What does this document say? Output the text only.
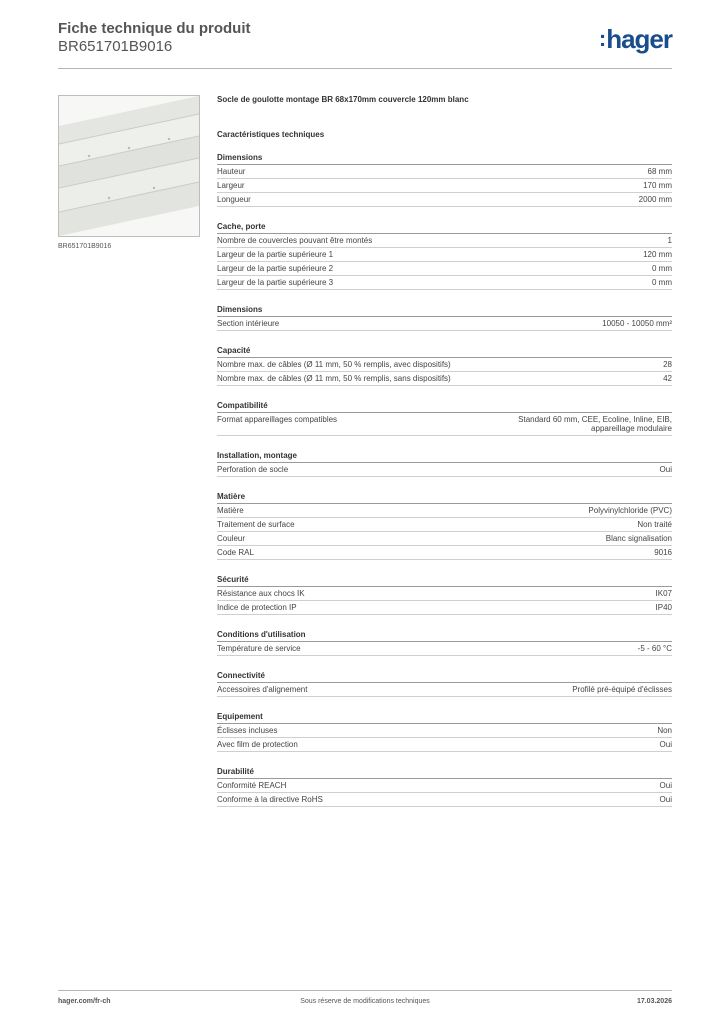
Fiche technique du produit
BR651701B9016	:hager
BR651701B9016
Socle de goulotte montage BR 68x170mm couvercle 120mm blanc
Caractéristiques techniques
Dimensions
Hauteur	68 mm
Largeur	170 mm
Longueur	2000 mm
Cache, porte
Nombre de couvercles pouvant être montés	1
Largeur de la partie supérieure 1	120 mm
Largeur de la partie supérieure 2	0 mm
Largeur de la partie supérieure 3	0 mm
Dimensions
Section intérieure	10050 - 10050 mm²
Capacité
Nombre max. de câbles (Ø 11 mm, 50 % remplis, avec dispositifs)	28
Nombre max. de câbles (Ø 11 mm, 50 % remplis, sans dispositifs)	42
Compatibilité
Format appareillages compatibles	Standard 60 mm, CEE, Ecoline, Inline, EIB, appareillage modulaire
Installation, montage
Perforation de socle	Oui
Matière
Matière	Polyvinylchloride (PVC)
Traitement de surface	Non traité
Couleur	Blanc signalisation
Code RAL	9016
Sécurité
Résistance aux chocs IK	IK07
Indice de protection IP	IP40
Conditions d'utilisation
Température de service	-5 - 60 °C
Connectivité
Accessoires d'alignement	Profilé pré-équipé d'éclisses
Equipement
Éclisses incluses	Non
Avec film de protection	Oui
Durabilité
Conformité REACH	Oui
Conforme à la directive RoHS	Oui
hager.com/fr-ch	Sous réserve de modifications techniques	17.03.2026
